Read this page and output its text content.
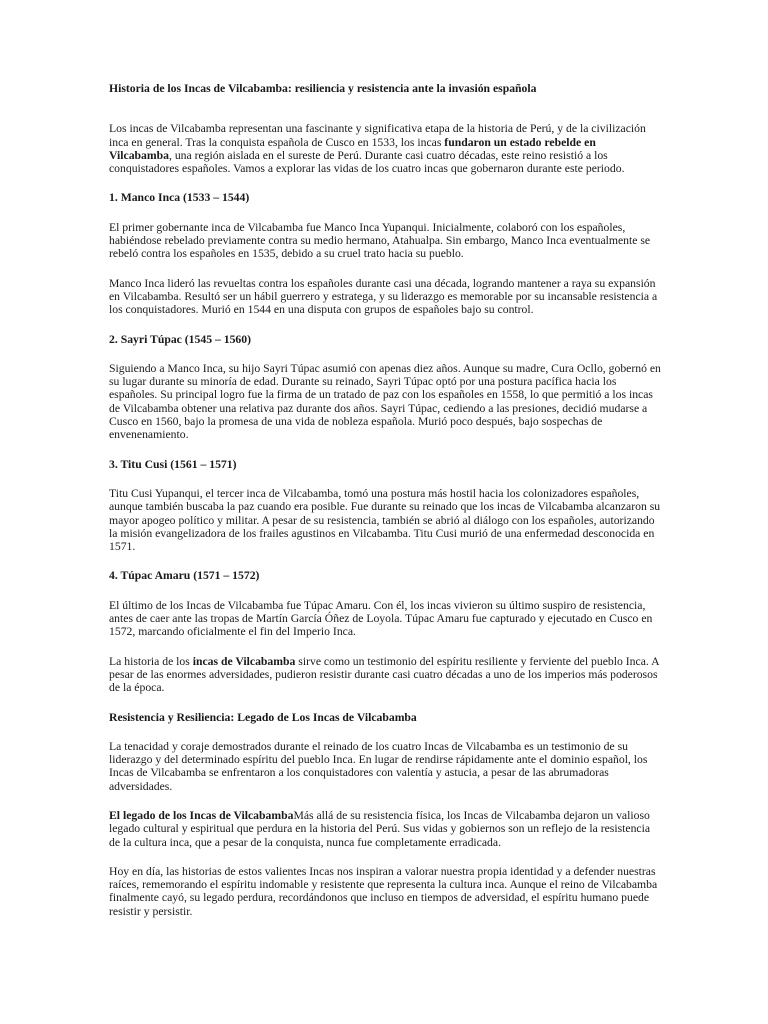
Historia de los Incas de Vilcabamba: resiliencia y resistencia ante la invasión española

Los incas de Vilcabamba representan una fascinante y significativa etapa de la historia de Perú, y de la civilización inca en general. Tras la conquista española de Cusco en 1533, los incas fundaron un estado rebelde en Vilcabamba, una región aislada en el sureste de Perú. Durante casi cuatro décadas, este reino resistió a los conquistadores españoles. Vamos a explorar las vidas de los cuatro incas que gobernaron durante este periodo.

1. Manco Inca (1533 – 1544)

El primer gobernante inca de Vilcabamba fue Manco Inca Yupanqui. Inicialmente, colaboró con los españoles, habiéndose rebelado previamente contra su medio hermano, Atahualpa. Sin embargo, Manco Inca eventualmente se rebeló contra los españoles en 1535, debido a su cruel trato hacia su pueblo.

Manco Inca lideró las revueltas contra los españoles durante casi una década, logrando mantener a raya su expansión en Vilcabamba. Resultó ser un hábil guerrero y estratega, y su liderazgo es memorable por su incansable resistencia a los conquistadores. Murió en 1544 en una disputa con grupos de españoles bajo su control.

2. Sayri Túpac (1545 – 1560)

Siguiendo a Manco Inca, su hijo Sayri Túpac asumió con apenas diez años. Aunque su madre, Cura Ocllo, gobernó en su lugar durante su minoría de edad. Durante su reinado, Sayri Túpac optó por una postura pacífica hacia los españoles. Su principal logro fue la firma de un tratado de paz con los españoles en 1558, lo que permitió a los incas de Vilcabamba obtener una relativa paz durante dos años. Sayri Túpac, cediendo a las presiones, decidió mudarse a Cusco en 1560, bajo la promesa de una vida de nobleza española. Murió poco después, bajo sospechas de envenenamiento.

3. Titu Cusi (1561 – 1571)

Titu Cusi Yupanqui, el tercer inca de Vilcabamba, tomó una postura más hostil hacia los colonizadores españoles, aunque también buscaba la paz cuando era posible. Fue durante su reinado que los incas de Vilcabamba alcanzaron su mayor apogeo político y militar. A pesar de su resistencia, también se abrió al diálogo con los españoles, autorizando la misión evangelizadora de los frailes agustinos en Vilcabamba. Titu Cusi murió de una enfermedad desconocida en 1571.

4. Túpac Amaru (1571 – 1572)

El último de los Incas de Vilcabamba fue Túpac Amaru. Con él, los incas vivieron su último suspiro de resistencia, antes de caer ante las tropas de Martín García Óñez de Loyola. Túpac Amaru fue capturado y ejecutado en Cusco en 1572, marcando oficialmente el fin del Imperio Inca.

La historia de los incas de Vilcabamba sirve como un testimonio del espíritu resiliente y ferviente del pueblo Inca. A pesar de las enormes adversidades, pudieron resistir durante casi cuatro décadas a uno de los imperios más poderosos de la época.

Resistencia y Resiliencia: Legado de Los Incas de Vilcabamba

La tenacidad y coraje demostrados durante el reinado de los cuatro Incas de Vilcabamba es un testimonio de su liderazgo y del determinado espíritu del pueblo Inca. En lugar de rendirse rápidamente ante el dominio español, los Incas de Vilcabamba se enfrentaron a los conquistadores con valentía y astucia, a pesar de las abrumadoras adversidades.

El legado de los Incas de VilcabambaMás allá de su resistencia física, los Incas de Vilcabamba dejaron un valioso legado cultural y espiritual que perdura en la historia del Perú. Sus vidas y gobiernos son un reflejo de la resistencia de la cultura inca, que a pesar de la conquista, nunca fue completamente erradicada.

Hoy en día, las historias de estos valientes Incas nos inspiran a valorar nuestra propia identidad y a defender nuestras raíces, rememorando el espíritu indomable y resistente que representa la cultura inca. Aunque el reino de Vilcabamba finalmente cayó, su legado perdura, recordándonos que incluso en tiempos de adversidad, el espíritu humano puede resistir y persistir.
